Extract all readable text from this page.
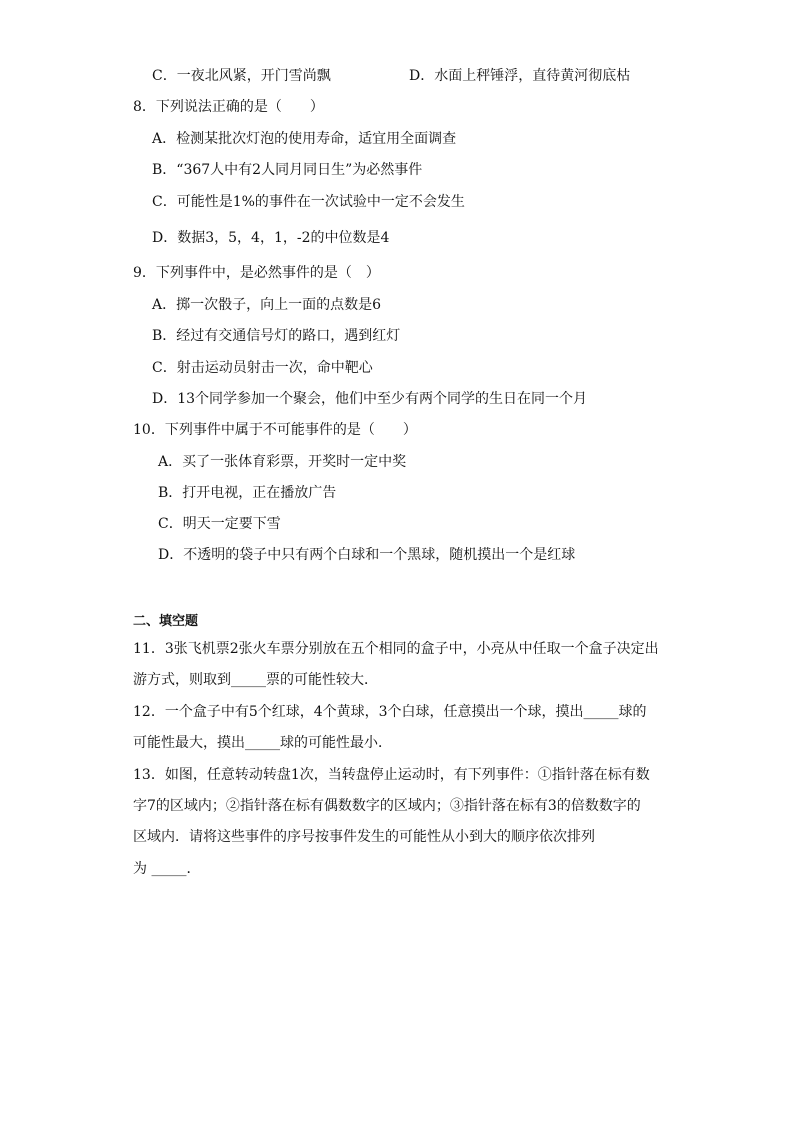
C．一夜北风紧，开门雪尚飘	D．水面上秤锤浮，直待黄河彻底枯
8．下列说法正确的是（　　）
A．检测某批次灯泡的使用寿命，适宜用全面调查
B．“367人中有2人同月同日生”为必然事件
C．可能性是1%的事件在一次试验中一定不会发生
D．数据3，5，4，1，-2的中位数是4
9．下列事件中，是必然事件的是（　）
A．掷一次骰子，向上一面的点数是6
B．经过有交通信号灯的路口，遇到红灯
C．射击运动员射击一次，命中靶心
D．13个同学参加一个聚会，他们中至少有两个同学的生日在同一个月
10．下列事件中属于不可能事件的是（　　）
A．买了一张体育彩票，开奖时一定中奖
B．打开电视，正在播放广告
C．明天一定要下雪
D．不透明的袋子中只有两个白球和一个黑球，随机摸出一个是红球
二、填空题
11．3张飞机票2张火车票分别放在五个相同的盒子中，小亮从中任取一个盒子决定出
游方式，则取到_____票的可能性较大．
12．一个盒子中有5个红球，4个黄球，3个白球，任意摸出一个球，摸出_____球的
可能性最大，摸出_____球的可能性最小．
13．如图，任意转动转盘1次，当转盘停止运动时，有下列事件：①指针落在标有数
字7的区域内；②指针落在标有偶数数字的区域内；③指针落在标有3的倍数数字的
区域内．请将这些事件的序号按事件发生的可能性从小到大的顺序依次排列
为 _____．
